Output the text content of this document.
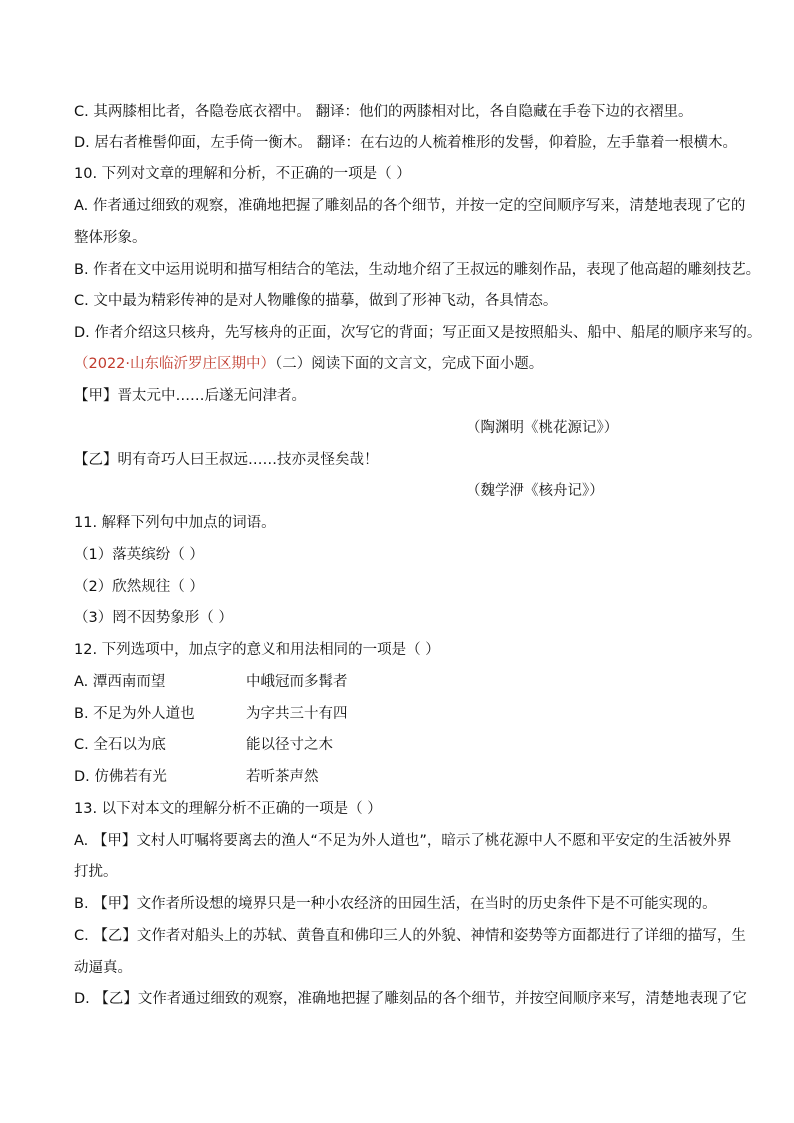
C. 其两膝相比者，各隐卷底衣褶中。 翻译：他们的两膝相对比，各自隐藏在手卷下边的衣褶里。
D. 居右者椎髻仰面，左手倚一衡木。 翻译：在右边的人梳着椎形的发髻，仰着脸，左手靠着一根横木。
10. 下列对文章的理解和分析，不正确的一项是（ ）
A. 作者通过细致的观察，准确地把握了雕刻品的各个细节，并按一定的空间顺序写来，清楚地表现了它的
整体形象。
B. 作者在文中运用说明和描写相结合的笔法，生动地介绍了王叔远的雕刻作品，表现了他高超的雕刻技艺。
C. 文中最为精彩传神的是对人物雕像的描摹，做到了形神飞动，各具情态。
D. 作者介绍这只核舟，先写核舟的正面，次写它的背面；写正面又是按照船头、船中、船尾的顺序来写的。
（2022·山东临沂罗庄区期中）（二）阅读下面的文言文，完成下面小题。
【甲】晋太元中……后遂无问津者。
（陶渊明《桃花源记》）
【乙】明有奇巧人曰王叔远……技亦灵怪矣哉！
（魏学洢《核舟记》）
11. 解释下列句中加点的词语。
（1）落英缤纷（ ）
（2）欣然规往（ ）
（3）罔不因势象形（ ）
12. 下列选项中，加点字的意义和用法相同的一项是（ ）
A. 潭西南而望	中峨冠而多髯者
B. 不足为外人道也	为字共三十有四
C. 全石以为底	能以径寸之木
D. 仿佛若有光	若听茶声然
13. 以下对本文的理解分析不正确的一项是（ ）
A. 【甲】文村人叮嘱将要离去的渔人“不足为外人道也”，暗示了桃花源中人不愿和平安定的生活被外界
打扰。
B. 【甲】文作者所设想的境界只是一种小农经济的田园生活，在当时的历史条件下是不可能实现的。
C. 【乙】文作者对船头上的苏轼、黄鲁直和佛印三人的外貌、神情和姿势等方面都进行了详细的描写，生
动逼真。
D. 【乙】文作者通过细致的观察，准确地把握了雕刻品的各个细节，并按空间顺序来写，清楚地表现了它
